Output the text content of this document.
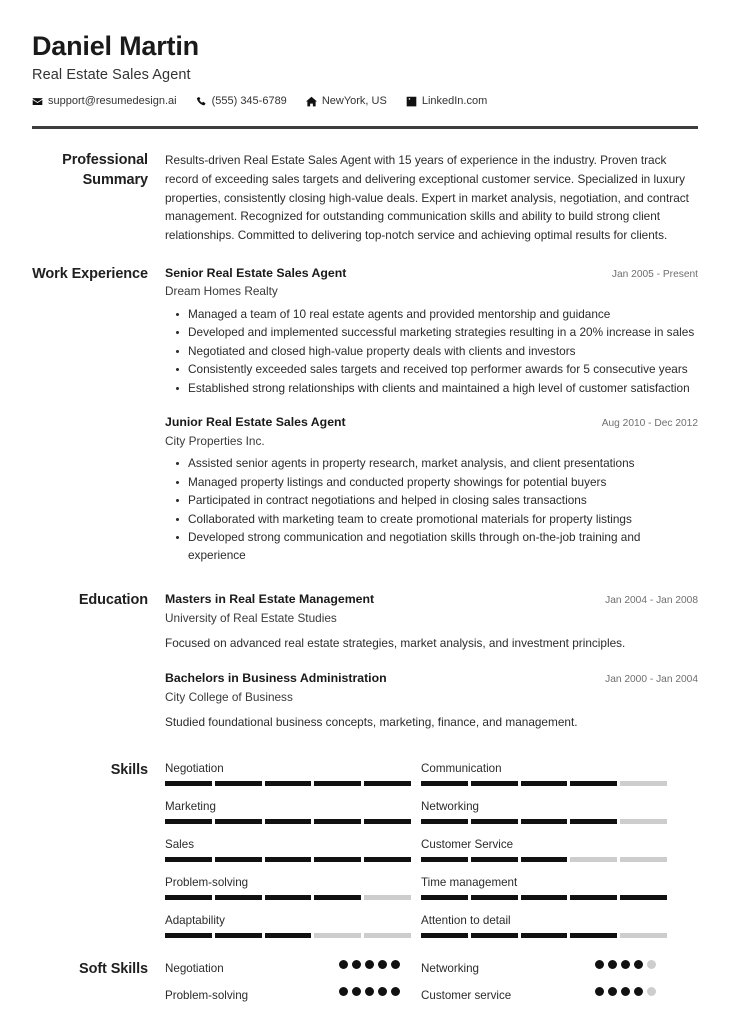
Daniel Martin
Real Estate Sales Agent
support@resumedesign.ai	(555) 345-6789	NewYork, US	LinkedIn.com
Professional Summary
Results-driven Real Estate Sales Agent with 15 years of experience in the industry. Proven track record of exceeding sales targets and delivering exceptional customer service. Specialized in luxury properties, consistently closing high-value deals. Expert in market analysis, negotiation, and contract management. Recognized for outstanding communication skills and ability to build strong client relationships. Committed to delivering top-notch service and achieving optimal results for clients.
Work Experience	Senior Real Estate Sales Agent	Jan 2005 - Present
Dream Homes Realty
Managed a team of 10 real estate agents and provided mentorship and guidance
Developed and implemented successful marketing strategies resulting in a 20% increase in sales
Negotiated and closed high-value property deals with clients and investors
Consistently exceeded sales targets and received top performer awards for 5 consecutive years
Established strong relationships with clients and maintained a high level of customer satisfaction
Junior Real Estate Sales Agent	Aug 2010 - Dec 2012
City Properties Inc.
Assisted senior agents in property research, market analysis, and client presentations
Managed property listings and conducted property showings for potential buyers
Participated in contract negotiations and helped in closing sales transactions
Collaborated with marketing team to create promotional materials for property listings
Developed strong communication and negotiation skills through on-the-job training and experience
Education	Masters in Real Estate Management	Jan 2004 - Jan 2008
University of Real Estate Studies
Focused on advanced real estate strategies, market analysis, and investment principles.
Bachelors in Business Administration	Jan 2000 - Jan 2004
City College of Business
Studied foundational business concepts, marketing, finance, and management.
Skills	Negotiation	Communication
Marketing	Networking
Sales	Customer Service
Problem-solving	Time management
Adaptability	Attention to detail
Soft Skills	Negotiation	Networking
Problem-solving	Customer service
